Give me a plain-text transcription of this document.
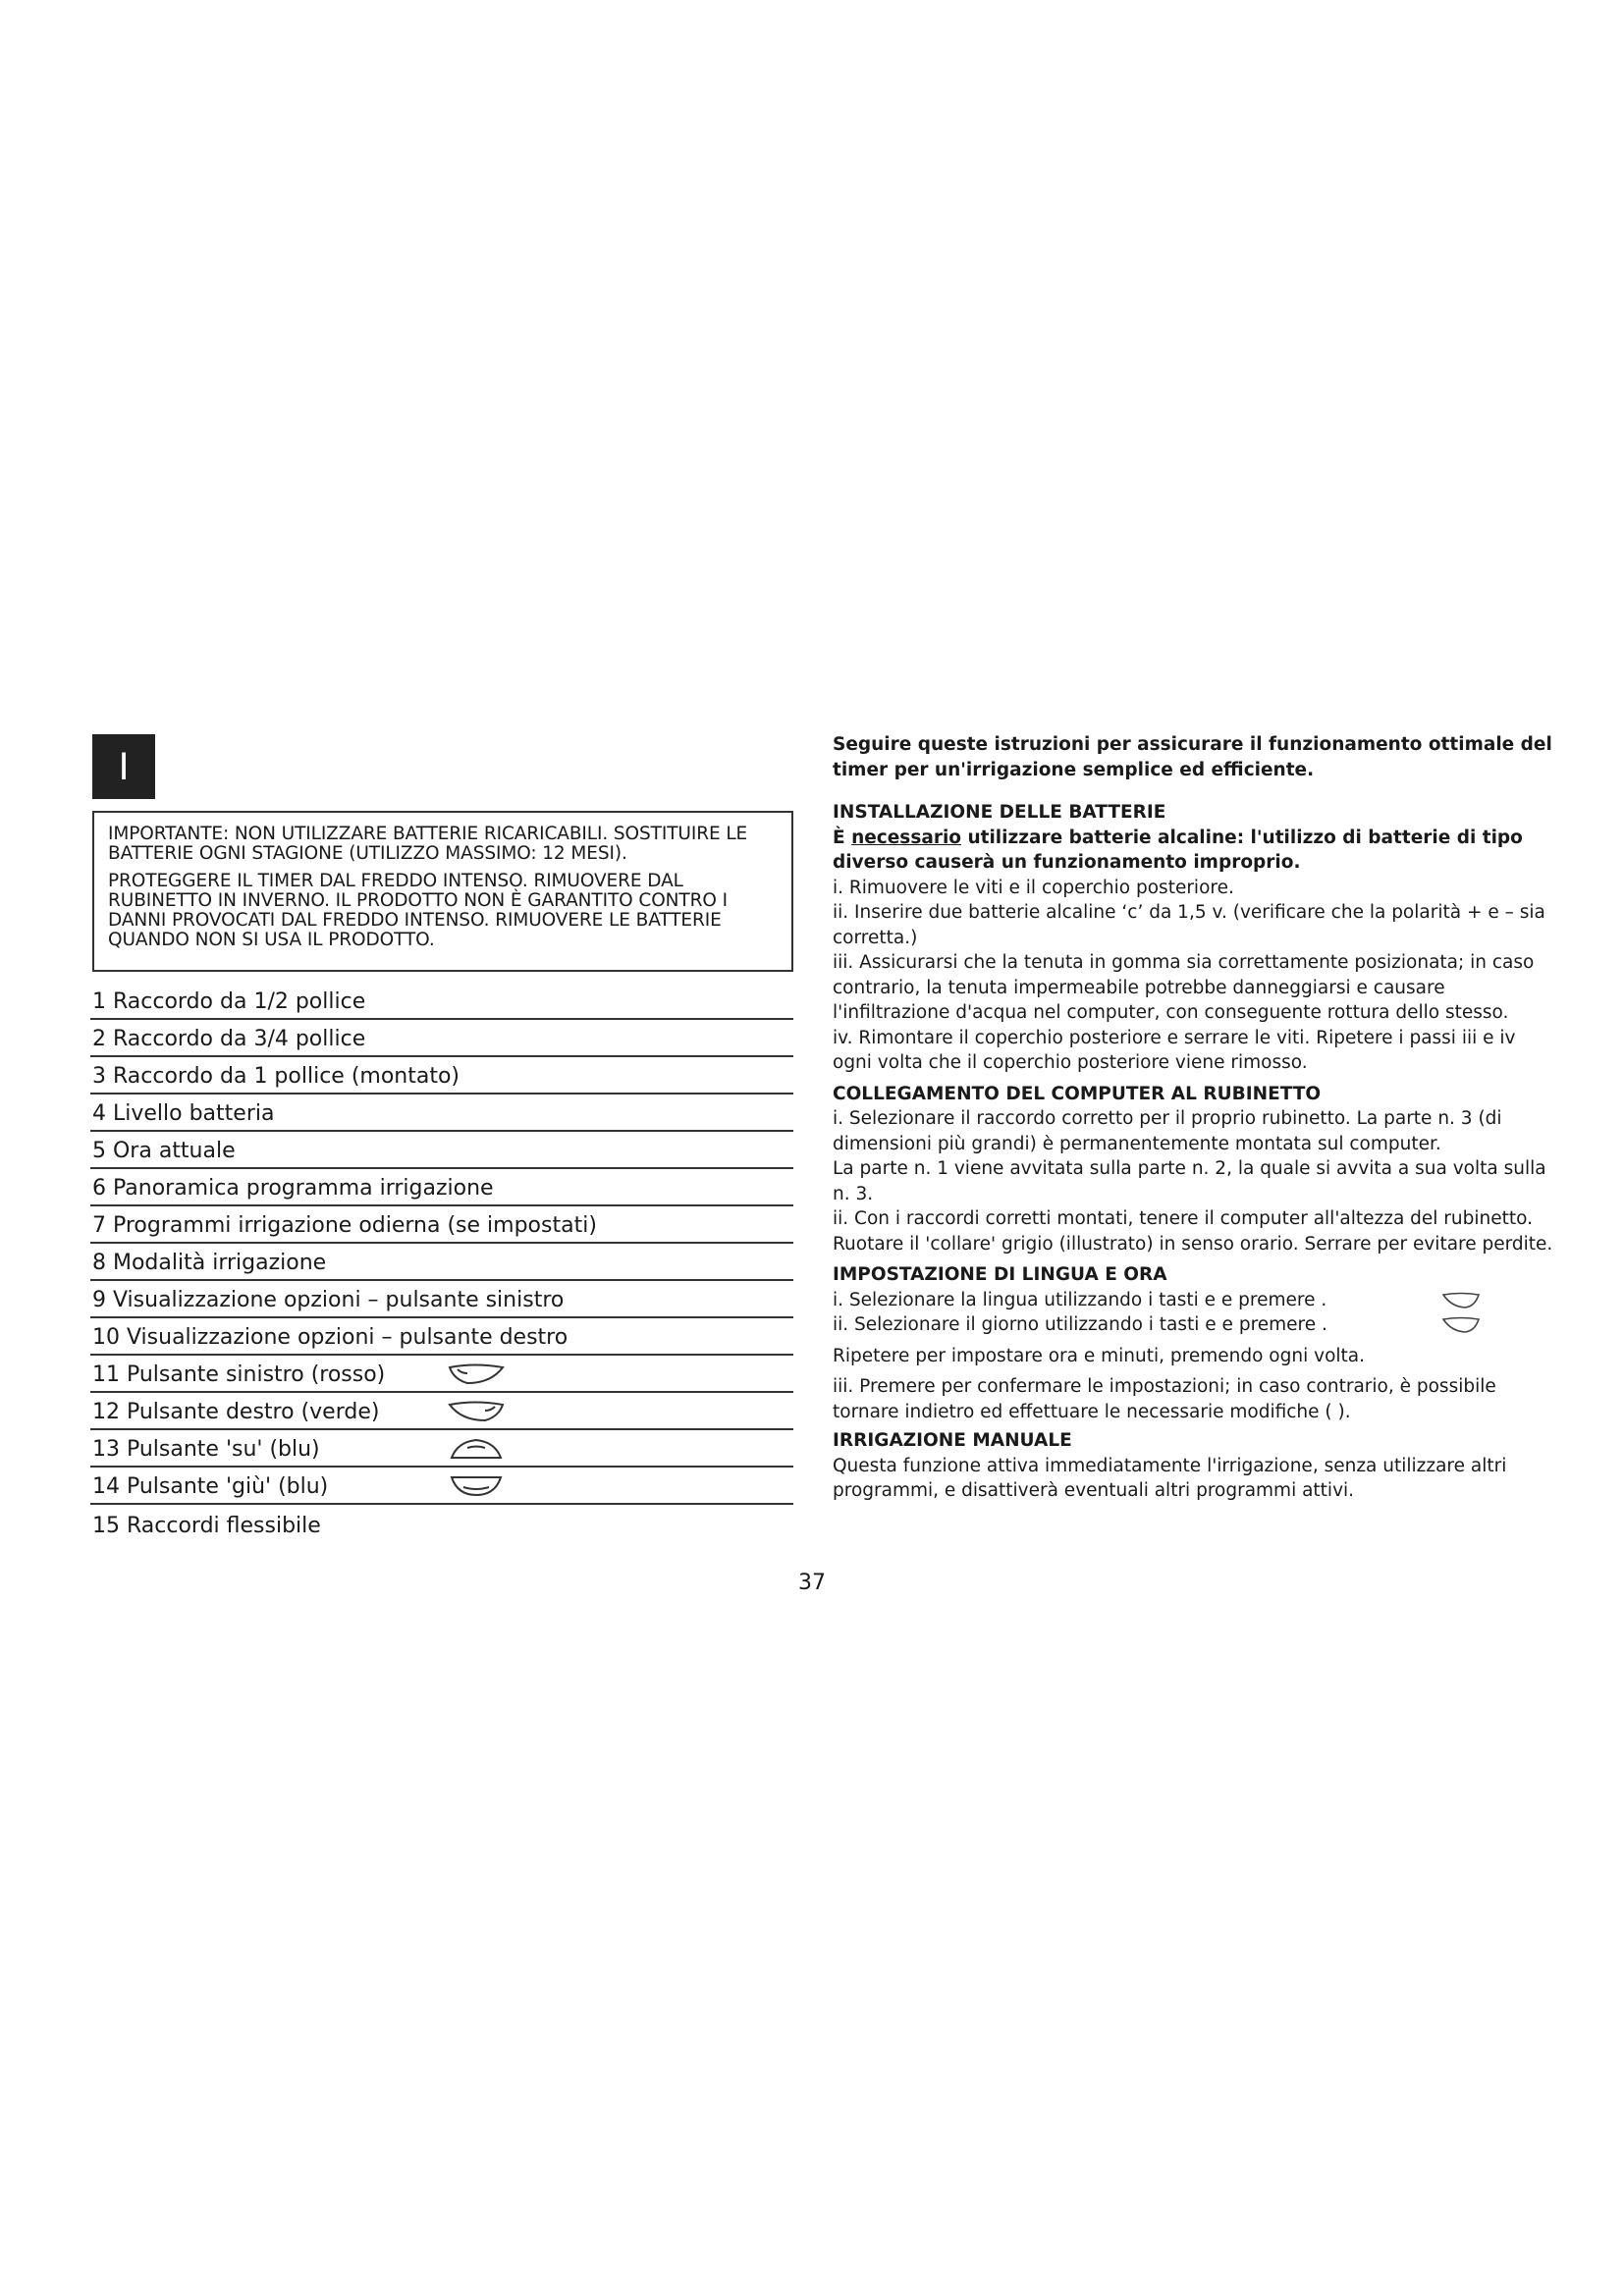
I

IMPORTANTE: NON UTILIZZARE BATTERIE RICARICABILI. SOSTITUIRE LE BATTERIE OGNI STAGIONE (UTILIZZO MASSIMO: 12 MESI).

PROTEGGERE IL TIMER DAL FREDDO INTENSO. RIMUOVERE DAL RUBINETTO IN INVERNO. IL PRODOTTO NON È GARANTITO CONTRO I DANNI PROVOCATI DAL FREDDO INTENSO. RIMUOVERE LE BATTERIE QUANDO NON SI USA IL PRODOTTO.

1 Raccordo da 1/2 pollice
2 Raccordo da 3/4 pollice
3 Raccordo da 1 pollice (montato)
4 Livello batteria
5 Ora attuale
6 Panoramica programma irrigazione
7 Programmi irrigazione odierna (se impostati)
8 Modalità irrigazione
9 Visualizzazione opzioni – pulsante sinistro
10 Visualizzazione opzioni – pulsante destro
11 Pulsante sinistro (rosso)
12 Pulsante destro (verde)
13 Pulsante 'su' (blu)
14 Pulsante 'giù' (blu)
15 Raccordi flessibile

Seguire queste istruzioni per assicurare il funzionamento ottimale del timer per un'irrigazione semplice ed efficiente.

INSTALLAZIONE DELLE BATTERIE

È necessario utilizzare batterie alcaline: l'utilizzo di batterie di tipo diverso causerà un funzionamento improprio.

i. Rimuovere le viti e il coperchio posteriore.

ii. Inserire due batterie alcaline ‘c’ da 1,5 v. (verificare che la polarità + e – sia corretta.)

iii. Assicurarsi che la tenuta in gomma sia correttamente posizionata; in caso contrario, la tenuta impermeabile potrebbe danneggiarsi e causare l'infiltrazione d'acqua nel computer, con conseguente rottura dello stesso.

iv. Rimontare il coperchio posteriore e serrare le viti. Ripetere i passi iii e iv ogni volta che il coperchio posteriore viene rimosso.

COLLEGAMENTO DEL COMPUTER AL RUBINETTO

i. Selezionare il raccordo corretto per il proprio rubinetto. La parte n. 3 (di dimensioni più grandi) è permanentemente montata sul computer.

La parte n. 1 viene avvitata sulla parte n. 2, la quale si avvita a sua volta sulla n. 3.

ii. Con i raccordi corretti montati, tenere il computer all'altezza del rubinetto. Ruotare il 'collare' grigio (illustrato) in senso orario. Serrare per evitare perdite.

IMPOSTAZIONE DI LINGUA E ORA

i. Selezionare la lingua utilizzando i tasti e e premere .

ii. Selezionare il giorno utilizzando i tasti e e premere .

Ripetere per impostare ora e minuti, premendo ogni volta.

iii. Premere per confermare le impostazioni; in caso contrario, è possibile tornare indietro ed effettuare le necessarie modifiche ( ).

IRRIGAZIONE MANUALE

Questa funzione attiva immediatamente l'irrigazione, senza utilizzare altri programmi, e disattiverà eventuali altri programmi attivi.

37
